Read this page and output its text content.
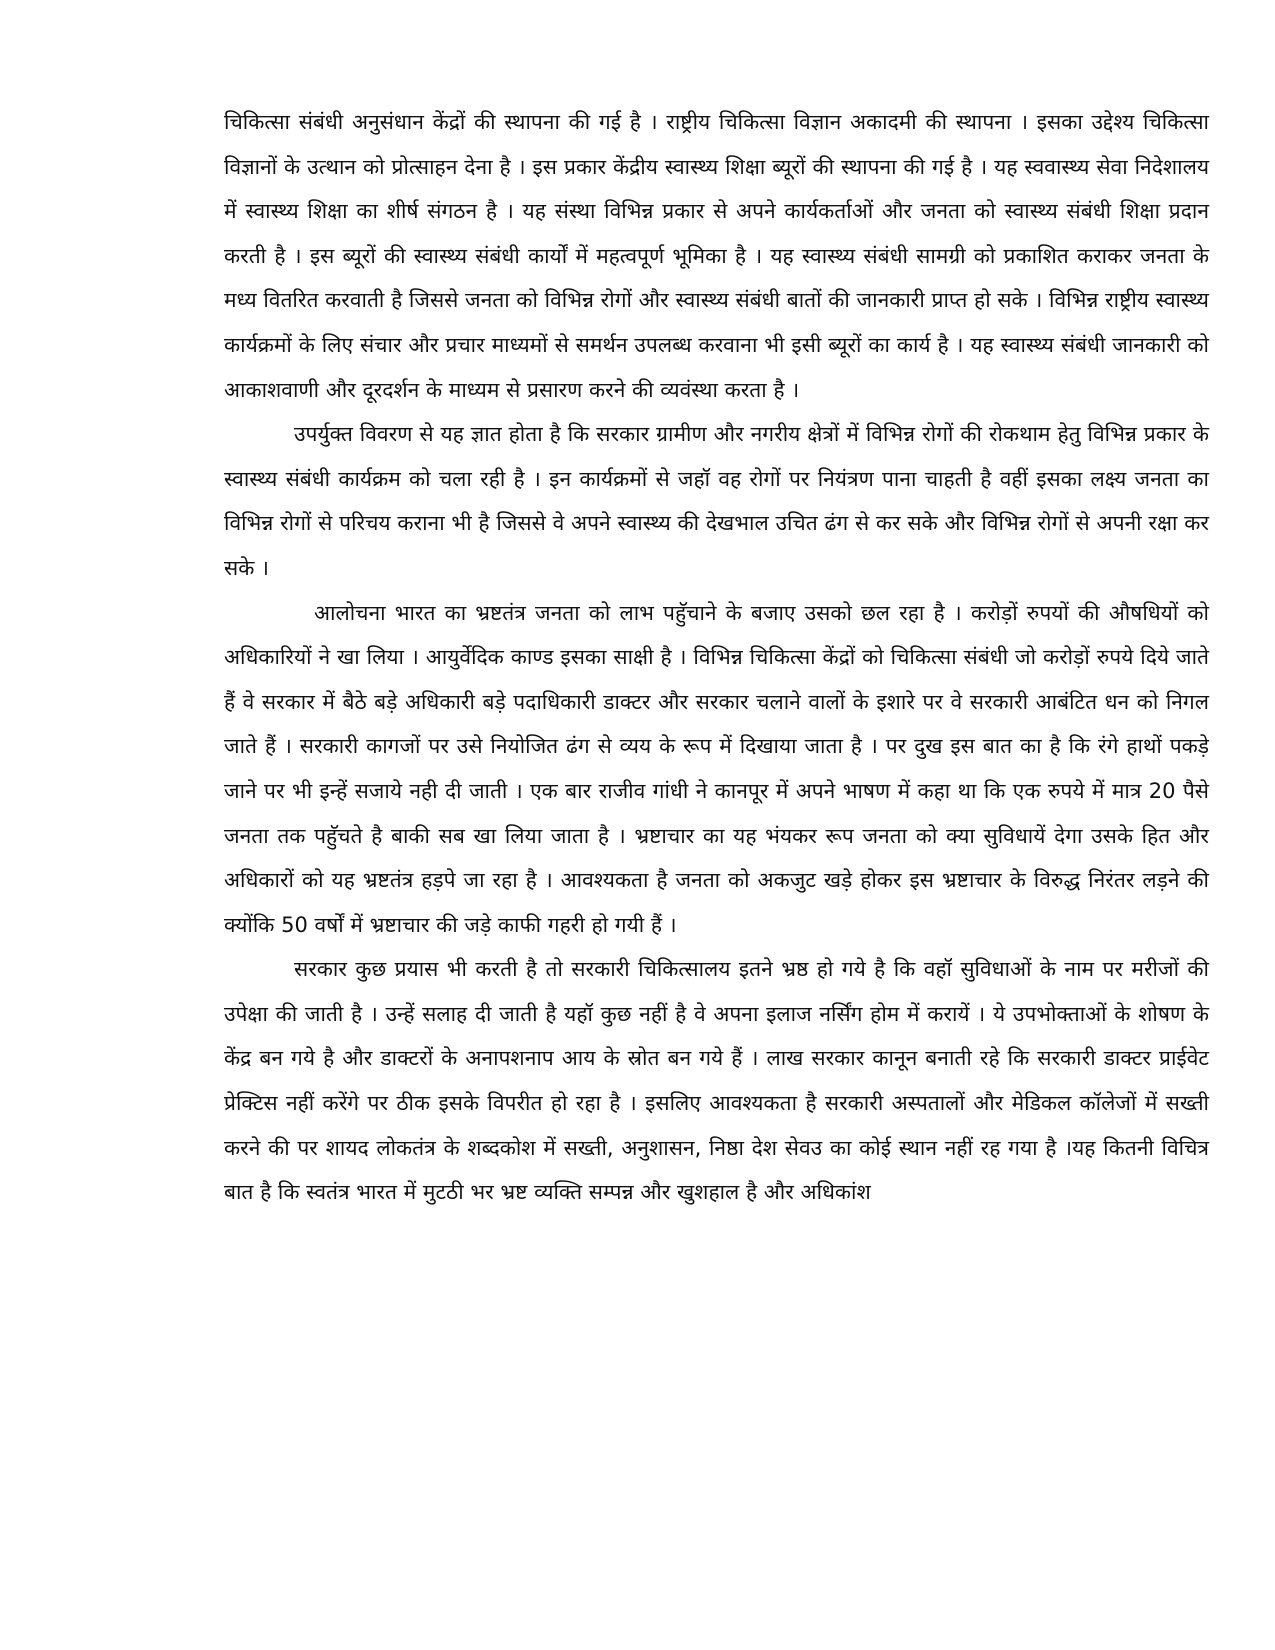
चिकित्सा संबंधी अनुसंधान केंद्रों की स्थापना की गई है । राष्ट्रीय चिकित्सा विज्ञान अकादमी की स्थापना । इसका उद्देश्य चिकित्सा विज्ञानों के उत्थान को प्रोत्साहन देना है । इस प्रकार केंद्रीय स्वास्थ्य शिक्षा ब्यूरों की स्थापना की गई है । यह स्ववास्थ्य सेवा निदेशालय में स्वास्थ्य शिक्षा का शीर्ष संगठन है । यह संस्था विभिन्न प्रकार से अपने कार्यकर्ताओं और जनता को स्वास्थ्य संबंधी शिक्षा प्रदान करती है । इस ब्यूरों की स्वास्थ्य संबंधी कार्यों में महत्वपूर्ण भूमिका है । यह स्वास्थ्य संबंधी सामग्री को प्रकाशित कराकर जनता के मध्य वितरित करवाती है जिससे जनता को विभिन्न रोगों और स्वास्थ्य संबंधी बातों की जानकारी प्राप्त हो सके । विभिन्न राष्ट्रीय स्वास्थ्य कार्यक्रमों के लिए संचार और प्रचार माध्यमों से समर्थन उपलब्ध करवाना भी इसी ब्यूरों का कार्य है । यह स्वास्थ्य संबंधी जानकारी को आकाशवाणी और दूरदर्शन के माध्यम से प्रसारण करने की व्यवंस्था करता है ।

उपर्युक्त विवरण से यह ज्ञात होता है कि सरकार ग्रामीण और नगरीय क्षेत्रों में विभिन्न रोगों की रोकथाम हेतु विभिन्न प्रकार के स्वास्थ्य संबंधी कार्यक्रम को चला रही है । इन कार्यक्रमों से जहॉ वह रोगों पर नियंत्रण पाना चाहती है वहीं इसका लक्ष्य जनता का विभिन्न रोगों से परिचय कराना भी है जिससे वे अपने स्वास्थ्य की देखभाल उचित ढंग से कर सके और विभिन्न रोगों से अपनी रक्षा कर सके ।

आलोचना भारत का भ्रष्टतंत्र जनता को लाभ पहुॅचाने के बजाए उसको छल रहा है । करोड़ों रुपयों की औषधियों को अधिकारियों ने खा लिया । आयुर्वेदिक काण्ड इसका साक्षी है । विभिन्न चिकित्सा केंद्रों को चिकित्सा संबंधी जो करोड़ों रुपये दिये जाते हैं वे सरकार में बैठे बड़े अधिकारी बड़े पदाधिकारी डाक्टर और सरकार चलाने वालों के इशारे पर वे सरकारी आबंटित धन को निगल जाते हैं । सरकारी कागजों पर उसे नियोजित ढंग से व्यय के रूप में दिखाया जाता है । पर दुख इस बात का है कि रंगे हाथों पकड़े जाने पर भी इन्हें सजाये नही दी जाती । एक बार राजीव गांधी ने कानपूर में अपने भाषण में कहा था कि एक रुपये में मात्र 20 पैसे जनता तक पहुॅचते है बाकी सब खा लिया जाता है । भ्रष्टाचार का यह भंयकर रूप जनता को क्या सुविधायें देगा उसके हित और अधिकारों को यह भ्रष्टतंत्र हड़पे जा रहा है । आवश्यकता है जनता को अकजुट खड़े होकर इस भ्रष्टाचार के विरुद्ध निरंतर लड़ने की क्योंकि 50 वर्षों में भ्रष्टाचार की जड़े काफी गहरी हो गयी हैं ।

सरकार कुछ प्रयास भी करती है तो सरकारी चिकित्सालय इतने भ्रष्ठ हो गये है कि वहॉ सुविधाओं के नाम पर मरीजों की उपेक्षा की जाती है । उन्हें सलाह दी जाती है यहॉ कुछ नहीं है वे अपना इलाज नर्सिंग होम में करायें । ये उपभोक्ताओं के शोषण के केंद्र बन गये है और डाक्टरों के अनापशनाप आय के स्रोत बन गये हैं । लाख सरकार कानून बनाती रहे कि सरकारी डाक्टर प्राईवेट प्रेक्टिस नहीं करेंगे पर ठीक इसके विपरीत हो रहा है । इसलिए आवश्यकता है सरकारी अस्पतालों और मेडिकल कॉलेजों में सख्ती करने की पर शायद लोकतंत्र के शब्दकोश में सख्ती, अनुशासन, निष्ठा देश सेवउ का कोई स्थान नहीं रह गया है ।यह कितनी विचित्र बात है कि स्वतंत्र भारत में मुटठी भर भ्रष्ट व्यक्ति सम्पन्न और खुशहाल है और अधिकांश
